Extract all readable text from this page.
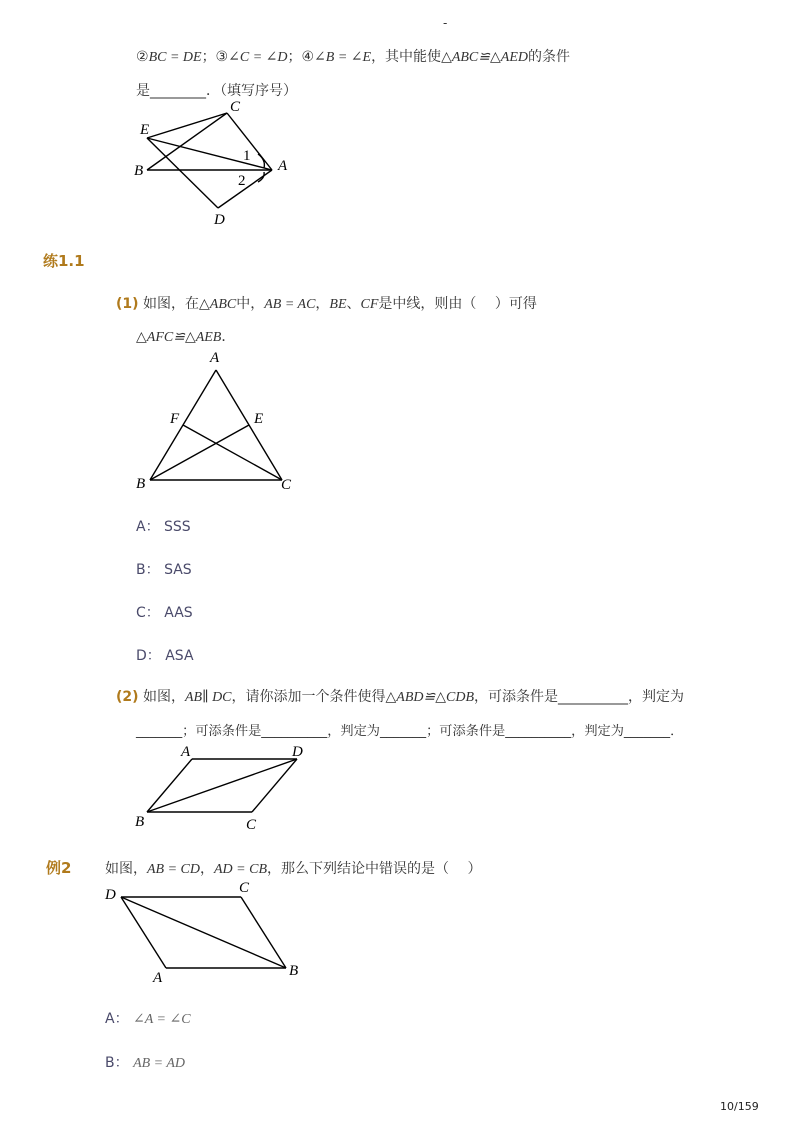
-
②BC = DE；③∠C = ∠D；④∠B = ∠E，其中能使△ABC≌△AED的条件
是________．（填写序号）
C
E
B	A
D
1
2
练1.1
(1) 如图，在△ABC中，AB = AC，BE、CF是中线，则由（　 ）可得
△AFC≌△AEB．
A
F	E
B	C
A： SSS
B： SAS
C： AAS
D： ASA
(2) 如图，AB∥ DC，请你添加一个条件使得△ABD≌△CDB，可添条件是__________，判定为
_______；可添条件是__________，判定为_______；可添条件是__________，判定为_______．
A	D
B	C
例2 如图，AB = CD，AD = CB，那么下列结论中错误的是（　 ）
D	C
A	B
A： ∠A = ∠C
B： AB = AD
10/159
